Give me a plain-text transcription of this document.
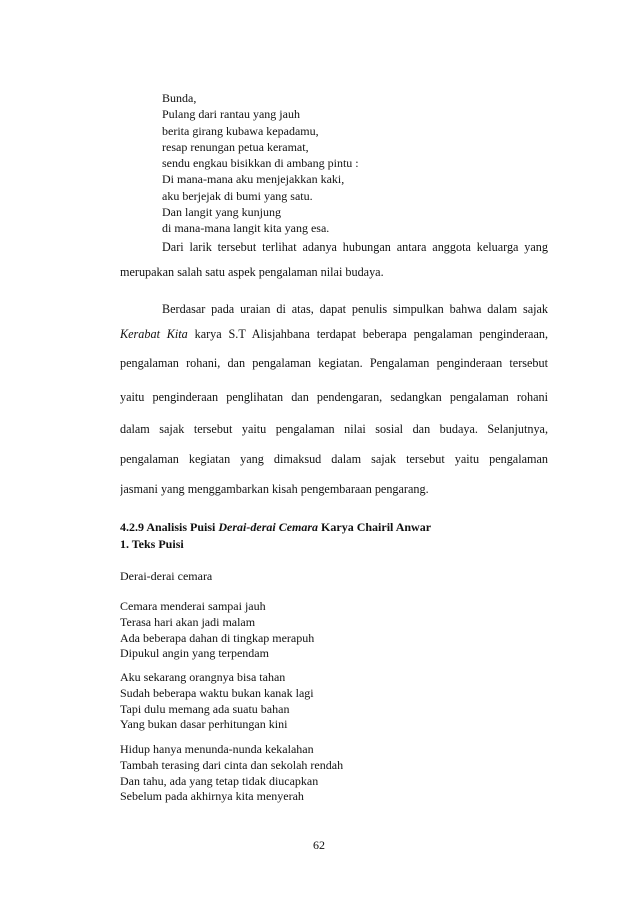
Bunda,
Pulang dari rantau yang jauh
berita girang kubawa kepadamu,
resap renungan petua keramat,
sendu engkau bisikkan di ambang pintu :
Di mana-mana aku menjejakkan kaki,
aku berjejak di bumi yang satu.
Dan langit yang kunjung
di mana-mana langit kita yang esa.
Dari larik tersebut terlihat adanya hubungan antara anggota keluarga yang
merupakan salah satu aspek pengalaman nilai budaya.
Berdasar pada uraian di atas, dapat penulis simpulkan bahwa dalam sajak
Kerabat Kita karya S.T Alisjahbana terdapat beberapa pengalaman penginderaan,
pengalaman rohani, dan pengalaman kegiatan. Pengalaman penginderaan tersebut
yaitu penginderaan penglihatan dan pendengaran, sedangkan pengalaman rohani
dalam sajak tersebut yaitu pengalaman nilai sosial dan budaya. Selanjutnya,
pengalaman kegiatan yang dimaksud dalam sajak tersebut yaitu pengalaman
jasmani yang menggambarkan kisah pengembaraan pengarang.
4.2.9 Analisis Puisi Derai-derai Cemara Karya Chairil Anwar
1. Teks Puisi
Derai-derai cemara
Cemara menderai sampai jauh
Terasa hari akan jadi malam
Ada beberapa dahan di tingkap merapuh
Dipukul angin yang terpendam
Aku sekarang orangnya bisa tahan
Sudah beberapa waktu bukan kanak lagi
Tapi dulu memang ada suatu bahan
Yang bukan dasar perhitungan kini
Hidup hanya menunda-nunda kekalahan
Tambah terasing dari cinta dan sekolah rendah
Dan tahu, ada yang tetap tidak diucapkan
Sebelum pada akhirnya kita menyerah
62
